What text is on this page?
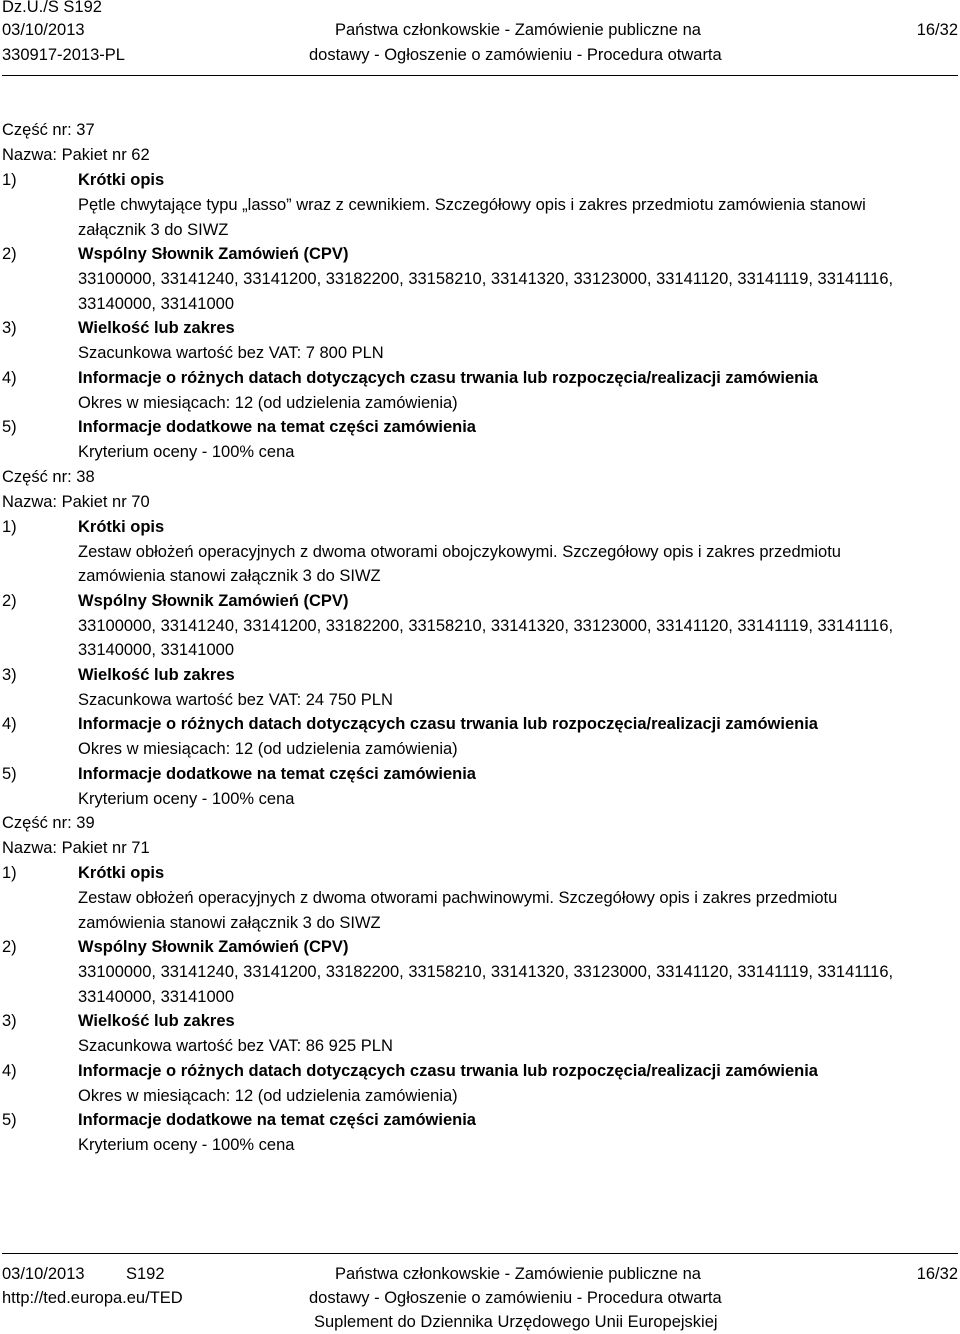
Dz.U./S S192
03/10/2013
330917-2013-PL
Państwa członkowskie - Zamówienie publiczne na
dostawy - Ogłoszenie o zamówieniu - Procedura otwarta
16/32
Część nr: 37
Nazwa: Pakiet nr 62
1)	Krótki opis
Pętle chwytające typu „lasso” wraz z cewnikiem. Szczegółowy opis i zakres przedmiotu zamówienia stanowi
załącznik 3 do SIWZ
2)	Wspólny Słownik Zamówień (CPV)
33100000, 33141240, 33141200, 33182200, 33158210, 33141320, 33123000, 33141120, 33141119, 33141116,
33140000, 33141000
3)	Wielkość lub zakres
Szacunkowa wartość bez VAT: 7 800 PLN
4)	Informacje o różnych datach dotyczących czasu trwania lub rozpoczęcia/realizacji zamówienia
Okres w miesiącach: 12 (od udzielenia zamówienia)
5)	Informacje dodatkowe na temat części zamówienia
Kryterium oceny - 100% cena
Część nr: 38
Nazwa: Pakiet nr 70
1)	Krótki opis
Zestaw obłożeń operacyjnych z dwoma otworami obojczykowymi. Szczegółowy opis i zakres przedmiotu
zamówienia stanowi załącznik 3 do SIWZ
2)	Wspólny Słownik Zamówień (CPV)
33100000, 33141240, 33141200, 33182200, 33158210, 33141320, 33123000, 33141120, 33141119, 33141116,
33140000, 33141000
3)	Wielkość lub zakres
Szacunkowa wartość bez VAT: 24 750 PLN
4)	Informacje o różnych datach dotyczących czasu trwania lub rozpoczęcia/realizacji zamówienia
Okres w miesiącach: 12 (od udzielenia zamówienia)
5)	Informacje dodatkowe na temat części zamówienia
Kryterium oceny - 100% cena
Część nr: 39
Nazwa: Pakiet nr 71
1)	Krótki opis
Zestaw obłożeń operacyjnych z dwoma otworami pachwinowymi. Szczegółowy opis i zakres przedmiotu
zamówienia stanowi załącznik 3 do SIWZ
2)	Wspólny Słownik Zamówień (CPV)
33100000, 33141240, 33141200, 33182200, 33158210, 33141320, 33123000, 33141120, 33141119, 33141116,
33140000, 33141000
3)	Wielkość lub zakres
Szacunkowa wartość bez VAT: 86 925 PLN
4)	Informacje o różnych datach dotyczących czasu trwania lub rozpoczęcia/realizacji zamówienia
Okres w miesiącach: 12 (od udzielenia zamówienia)
5)	Informacje dodatkowe na temat części zamówienia
Kryterium oceny - 100% cena
03/10/2013	S192
http://ted.europa.eu/TED
Państwa członkowskie - Zamówienie publiczne na
dostawy - Ogłoszenie o zamówieniu - Procedura otwarta
Suplement do Dziennika Urzędowego Unii Europejskiej
16/32
